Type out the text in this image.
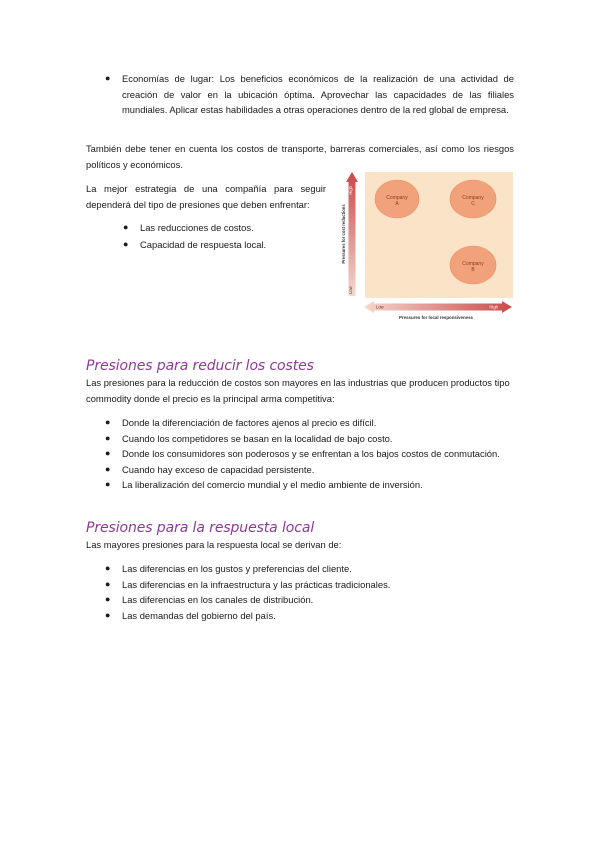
● Economías de lugar: Los beneficios económicos de la realización de una actividad de creación de valor en la ubicación óptima. Aprovechar las capacidades de las filiales mundiales. Aplicar estas habilidades a otras operaciones dentro de la red global de empresa.

También debe tener en cuenta los costos de transporte, barreras comerciales, así como los riesgos políticos y económicos.

La mejor estrategia de una compañía para seguir dependerá del tipo de presiones que deben enfrentar:

● Las reducciones de costos.
● Capacidad de respuesta local.
High
Low
Pressures for cost reductions
Low	High
Pressures for local responsiveness
Company
A
Company
C
Company
B
Presiones para reducir los costes

Las presiones para la reducción de costos son mayores en las industrias que producen productos tipo commodity donde el precio es la principal arma competitiva:

● Donde la diferenciación de factores ajenos al precio es difícil.
● Cuando los competidores se basan en la localidad de bajo costo.
● Donde los consumidores son poderosos y se enfrentan a los bajos costos de conmutación.
● Cuando hay exceso de capacidad persistente.
● La liberalización del comercio mundial y el medio ambiente de inversión.
Presiones para la respuesta local

Las mayores presiones para la respuesta local se derivan de:

● Las diferencias en los gustos y preferencias del cliente.
● Las diferencias en la infraestructura y las prácticas tradicionales.
● Las diferencias en los canales de distribución.
● Las demandas del gobierno del país.
